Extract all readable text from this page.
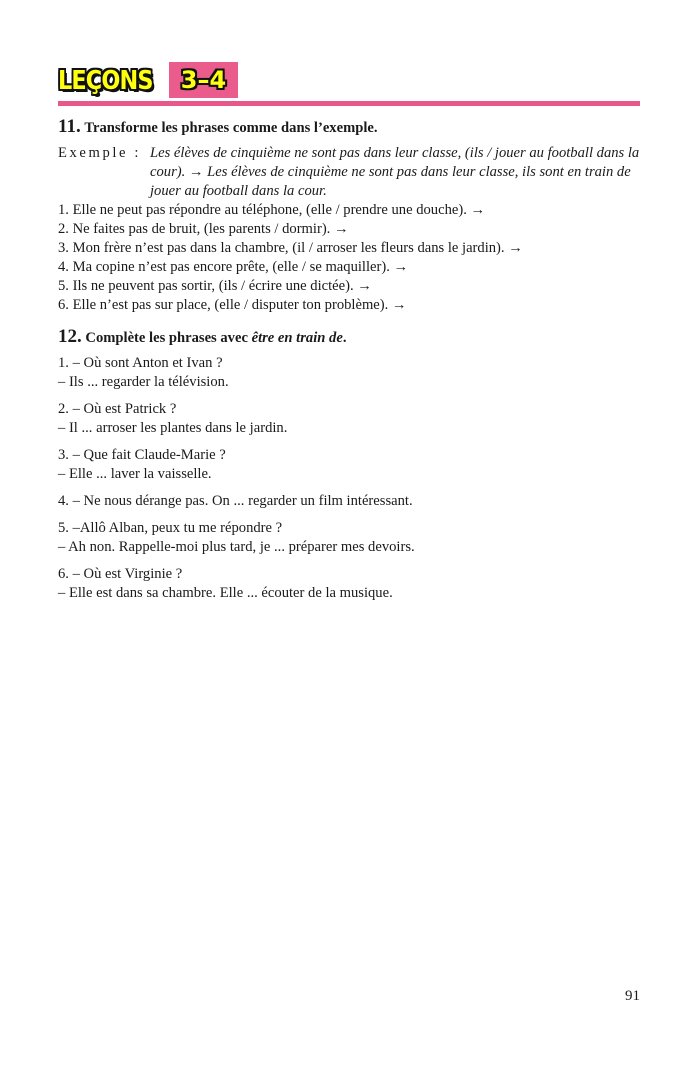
LEÇONS 3–4
11. Transforme les phrases comme dans l’exemple.
Exemple : Les élèves de cinquième ne sont pas dans leur classe, (ils / jouer au football dans la cour). → Les élèves de cinquième ne sont pas dans leur classe, ils sont en train de jouer au football dans la cour.

1. Elle ne peut pas répondre au téléphone, (elle / prendre une douche). →

2. Ne faites pas de bruit, (les parents / dormir). →

3. Mon frère n’est pas dans la chambre, (il / arroser les fleurs dans le jardin). →

4. Ma copine n’est pas encore prête, (elle / se maquiller). →

5. Ils ne peuvent pas sortir, (ils / écrire une dictée). →

6. Elle n’est pas sur place, (elle / disputer ton problème). →

12. Complète les phrases avec être en train de.

1. – Où sont Anton et Ivan ?

– Ils ... regarder la télévision.

2. – Où est Patrick ?

– Il ... arroser les plantes dans le jardin.

3. – Que fait Claude-Marie ?

– Elle ... laver la vaisselle.

4. – Ne nous dérange pas. On ... regarder un film intéressant.

5. –Allô Alban, peux tu me répondre ?

– Ah non. Rappelle-moi plus tard, je ... préparer mes devoirs.

6. – Où est Virginie ?

– Elle est dans sa chambre. Elle ... écouter de la musique.

91
